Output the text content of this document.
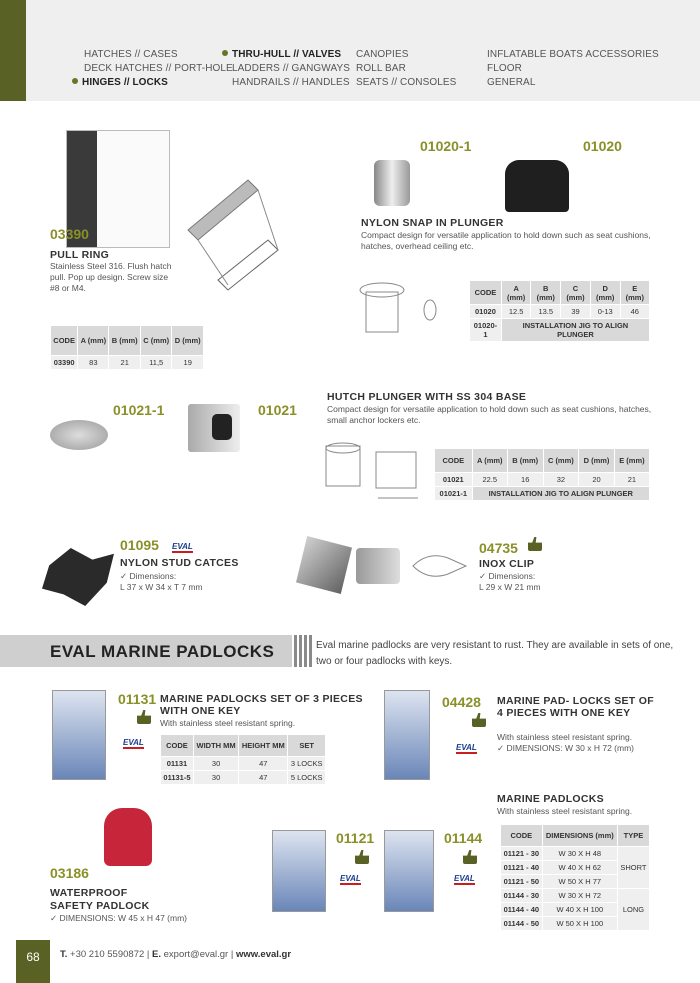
HATCHES // CASES
DECK HATCHES // PORT-HOLE
HINGES // LOCKS
THRU-HULL // VALVES
LADDERS // GANGWAYS
HANDRAILS // HANDLES
CANOPIES
ROLL BAR
SEATS // CONSOLES
INFLATABLE BOATS ACCESSORIES
FLOOR
GENERAL
03390
PULL RING
Stainless Steel 316. Flush hatch pull. Pop up design. Screw size #8 or M4.
CODE	A (mm)	B (mm)	C (mm)	D (mm)
03390	83	21	11,5	19
01020-1	01020
NYLON SNAP IN PLUNGER
Compact design for versatile application to hold down such as seat cushions, hatches, overhead ceiling etc.
CODE	A (mm)	B (mm)	C (mm)	D (mm)	E (mm)
01020	12.5	13.5	39	0-13	46
01020-1	INSTALLATION JIG TO ALIGN PLUNGER				
01021-1	01021
HUTCH PLUNGER WITH SS 304 BASE
Compact design for versatile application to hold down such as seat cushions, hatches, small anchor lockers etc.
CODE	A (mm)	B (mm)	C (mm)	D (mm)	E (mm)
01021	22.5	16	32	20	21
01021-1	INSTALLATION JIG TO ALIGN PLUNGER				
01095 EVAL
NYLON STUD CATCES
✓ Dimensions:
L 37 x W 34 x T 7 mm
04735
INOX CLIP
✓ Dimensions:
L 29 x W 21 mm
EVAL MARINE PADLOCKS	Eval marine padlocks are very resistant to rust. They are available in sets of one, two or four padlocks with keys.
01131
EVAL
MARINE PADLOCKS SET OF 3 PIECES WITH ONE KEY
With stainless steel resistant spring.
CODE	WIDTH MM	HEIGHT MM	SET
01131	30	47	3 LOCKS
01131-5	30	47	5 LOCKS
04428
EVAL
MARINE PAD- LOCKS SET OF 4 PIECES WITH ONE KEY
With stainless steel resistant spring.
✓ DIMENSIONS: W 30 x H 72 (mm)
03186
WATERPROOF SAFETY PADLOCK
✓ DIMENSIONS: W 45 x H 47 (mm)
01121
EVAL
01144
EVAL
MARINE PADLOCKS
With stainless steel resistant spring.
CODE	DIMENSIONS (mm)	TYPE
01121 - 30	W 30 X H 48	SHORT
01121 - 40	W 40 X H 62	
01121 - 50	W 50 X H 77	
01144 - 30	W 30 X H 72	LONG
01144 - 40	W 40 X H 100	
01144 - 50	W 50 X H 100	
68	T. +30 210 5590872 | E. export@eval.gr | www.eval.gr
